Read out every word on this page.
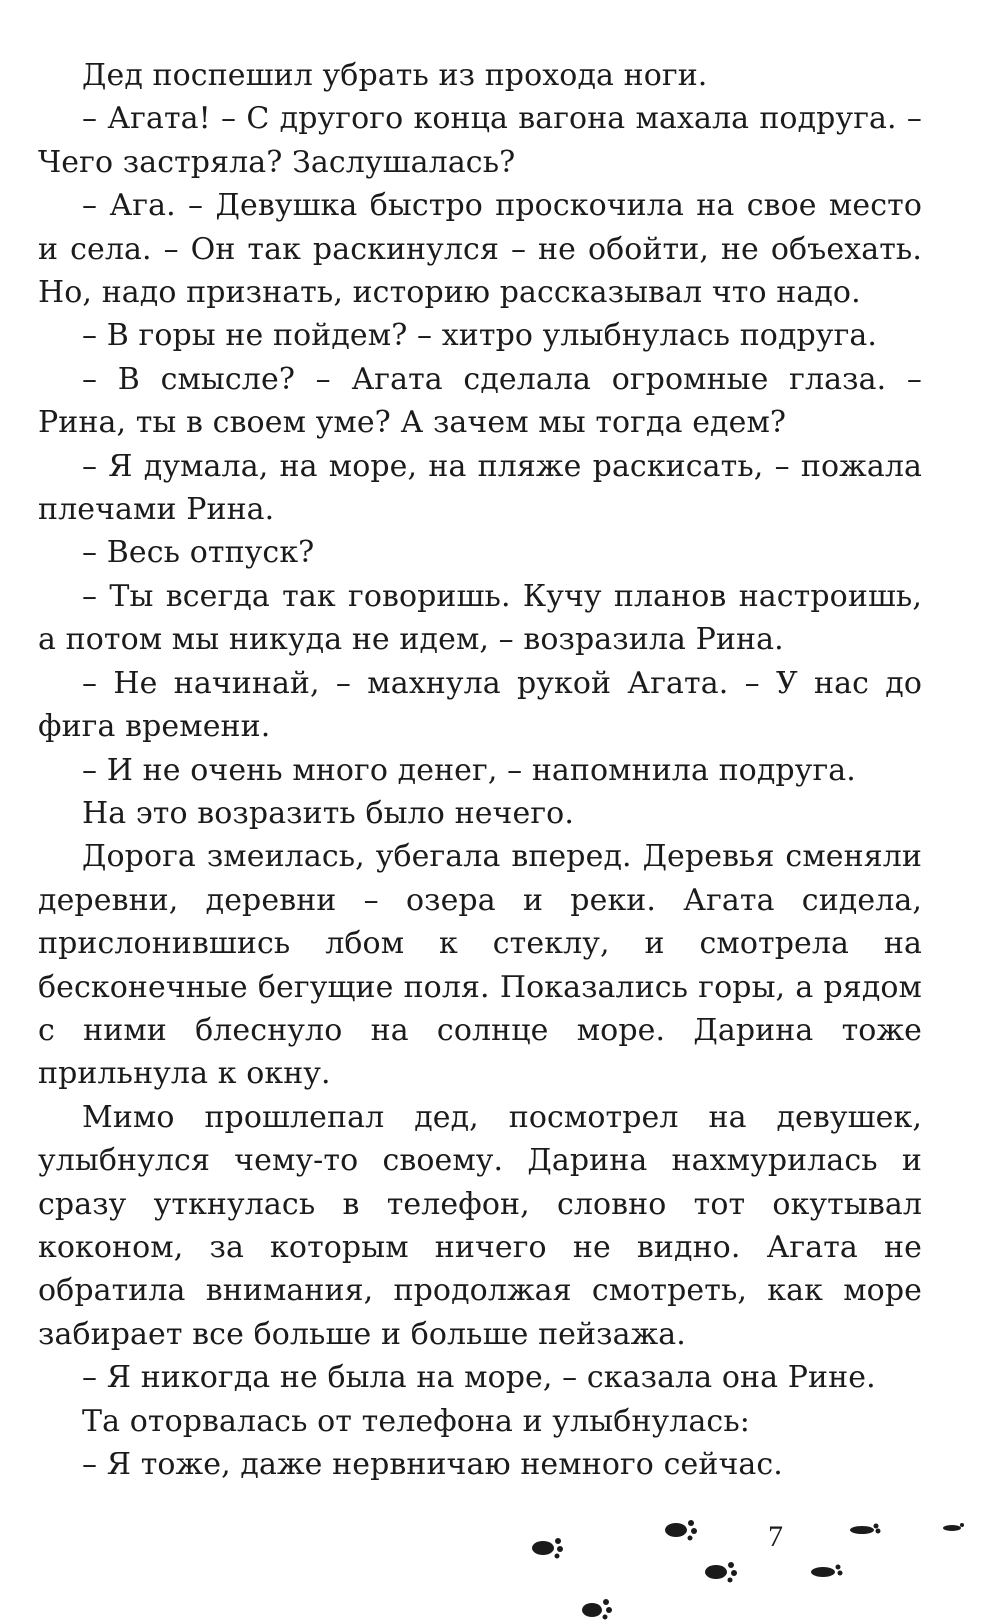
Дед поспешил убрать из прохода ноги.

– Агата! – С другого конца вагона махала подруга. – Чего застряла? Заслушалась?

– Ага. – Девушка быстро проскочила на свое место и села. – Он так раскинулся – не обойти, не объехать. Но, надо признать, историю рассказывал что надо.

– В горы не пойдем? – хитро улыбнулась подруга.

– В смысле? – Агата сделала огромные глаза. – Рина, ты в своем уме? А зачем мы тогда едем?

– Я думала, на море, на пляже раскисать, – пожала плечами Рина.

– Весь отпуск?

– Ты всегда так говоришь. Кучу планов настроишь, а потом мы никуда не идем, – возразила Рина.

– Не начинай, – махнула рукой Агата. – У нас до фига времени.

– И не очень много денег, – напомнила подруга.

На это возразить было нечего.

Дорога змеилась, убегала вперед. Деревья сменяли деревни, деревни – озера и реки. Агата сидела, прислонившись лбом к стеклу, и смотрела на бесконечные бегущие поля. Показались горы, а рядом с ними блеснуло на солнце море. Дарина тоже прильнула к окну.

Мимо прошлепал дед, посмотрел на девушек, улыбнулся чему-то своему. Дарина нахмурилась и сразу уткнулась в телефон, словно тот окутывал коконом, за которым ничего не видно. Агата не обратила внимания, продолжая смотреть, как море забирает все больше и больше пейзажа.

– Я никогда не была на море, – сказала она Рине.

Та оторвалась от телефона и улыбнулась:

– Я тоже, даже нервничаю немного сейчас.

7
